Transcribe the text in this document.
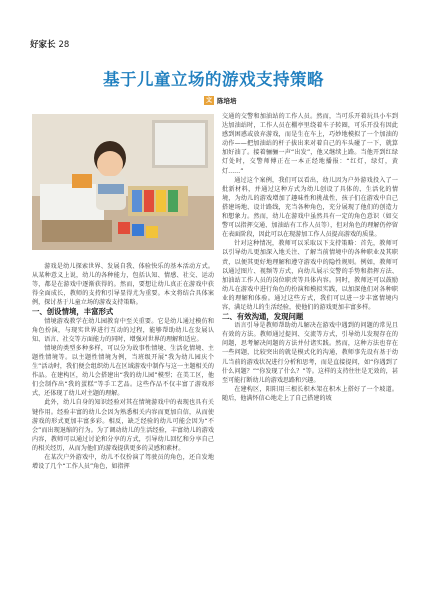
好家长 28
基于儿童立场的游戏支持策略
文 陈培培

游戏是幼儿探索世界、发展自我、体验快乐的基本活动方式。从某种意义上说，幼儿的各种能力，包括认知、情感、社交、运动等，都是在游戏中逐渐获得的。然而，要想让幼儿真正在游戏中获得全面成长，教师的支持和引导显得尤为重要。本文将结合具体案例，探讨基于儿童立场的游戏支持策略。

一、创设情境，丰富形式

情境游戏教学在幼儿园教育中至关重要。它是幼儿通过模仿和角色扮演，与现实世界进行互动的过程，能够帮助幼儿在发展认知、语言、社交等方面能力的同时，增强对世界的理解和适应。

情境的类型多种多样，可以分为故事性情境、生活化情境、主题性情境等。以主题性情境为例，当班级开展“我为幼儿园庆个生”活动时，我们便会组织幼儿在区域游戏中制作与这一主题相关的作品。在建构区，幼儿会搭建出“我的幼儿园”模型；在美工区，他们会制作出“我的蛋糕”等手工艺品。这些作品不仅丰富了游戏形式，还体现了幼儿对主题的理解。

此外，幼儿自身的知识经验对其在情境游戏中的表现也具有关键作用。经验丰富的幼儿会因为熟悉相关内容而更加自信，从而使游戏的形式更加丰富多彩。相反，缺乏经验的幼儿可能会因为“不会”而出现退缩的行为。为了调动幼儿的生活经验，丰富幼儿的游戏内容，教师可以通过讨论和分享的方式，引导幼儿回忆和分享自己的相关经历，从而为他们的游戏提供更多的灵感和素材。

在某次户外游戏中，幼儿不仅扮演了驾驶员的角色，还自发地增设了几个“工作人员”角色，如指挥

交通的交警和加油站的工作人员。然而，当可乐开着玩具小车到达加油站时，工作人员在棚亭里绕着车子转圈，可乐开没有因此感到困惑或放弃游戏，而是生在车上，巧妙地模拟了一个加油的动作——把加油站的杆子拔出来对着自己的车头碰了一下，就算加好油了。接着骊骊一声“出发”，他又继续上路。当他开到红绿灯处时，交警师傅正在一本正经地播报：“红灯，绿灯，黄灯……”

通过这个案例，我们可以看出，幼儿因为户外游戏投入了一批新材料，并通过这种方式为幼儿创设了具体的、生活化的情境，为幼儿的游戏增加了趣味性和挑战性，孩子们在游戏中自己搭建场地、设计路线，充当各种角色，充分展现了他们的创造力和想象力。然而，幼儿在游戏中虽然具有一定的角色意识（如交警可以指挥交通、加油站有工作人员等），但对角色的理解仍停留在表面阶段，因此可以在现游加工作人员提高游戏的质量。

针对这种情况，教师可以采取以下支持策略：首先，教师可以引导幼儿更加深入地关注、了解当前情境中的各种职业及其职责，以便其更好地理解和遵守游戏中的隐性规则。例如，教师可以通过图片、视频等方式，向幼儿展示交警的手势和指挥方法、加油站工作人员的岗位职责等具体内容。同时，教师还可以鼓励幼儿在游戏中进行角色的扮演和模拟实践，以加深他们对各种职业的理解和体验。通过这些方式，我们可以进一步丰富情境内容，满足幼儿的生活经验，使他们的游戏更加丰富多样。

二、有效沟通，发现问题

语言引导是教师帮助幼儿解决在游戏中遇到的问题的常见且有效的方法。教师通过提问、交流等方式，引导幼儿发现存在的问题，思考解决问题的方法并付诸实践。然而，这种方法也存在一些问题，比较突出的就是模式化的沟通，教师事先设有基于幼儿当前的游戏状况进行分析和思考，而是直接提问，如“你遇到了什么问题？”“你发现了什么？”等。这样的支持往往是无效的，甚至可能打断幼儿的游戏思路和兴趣。

在建构区，阳阳用三根长积木架在积木上搭好了一个坡道。随后，他满怀信心地走上了自己搭建的坡
